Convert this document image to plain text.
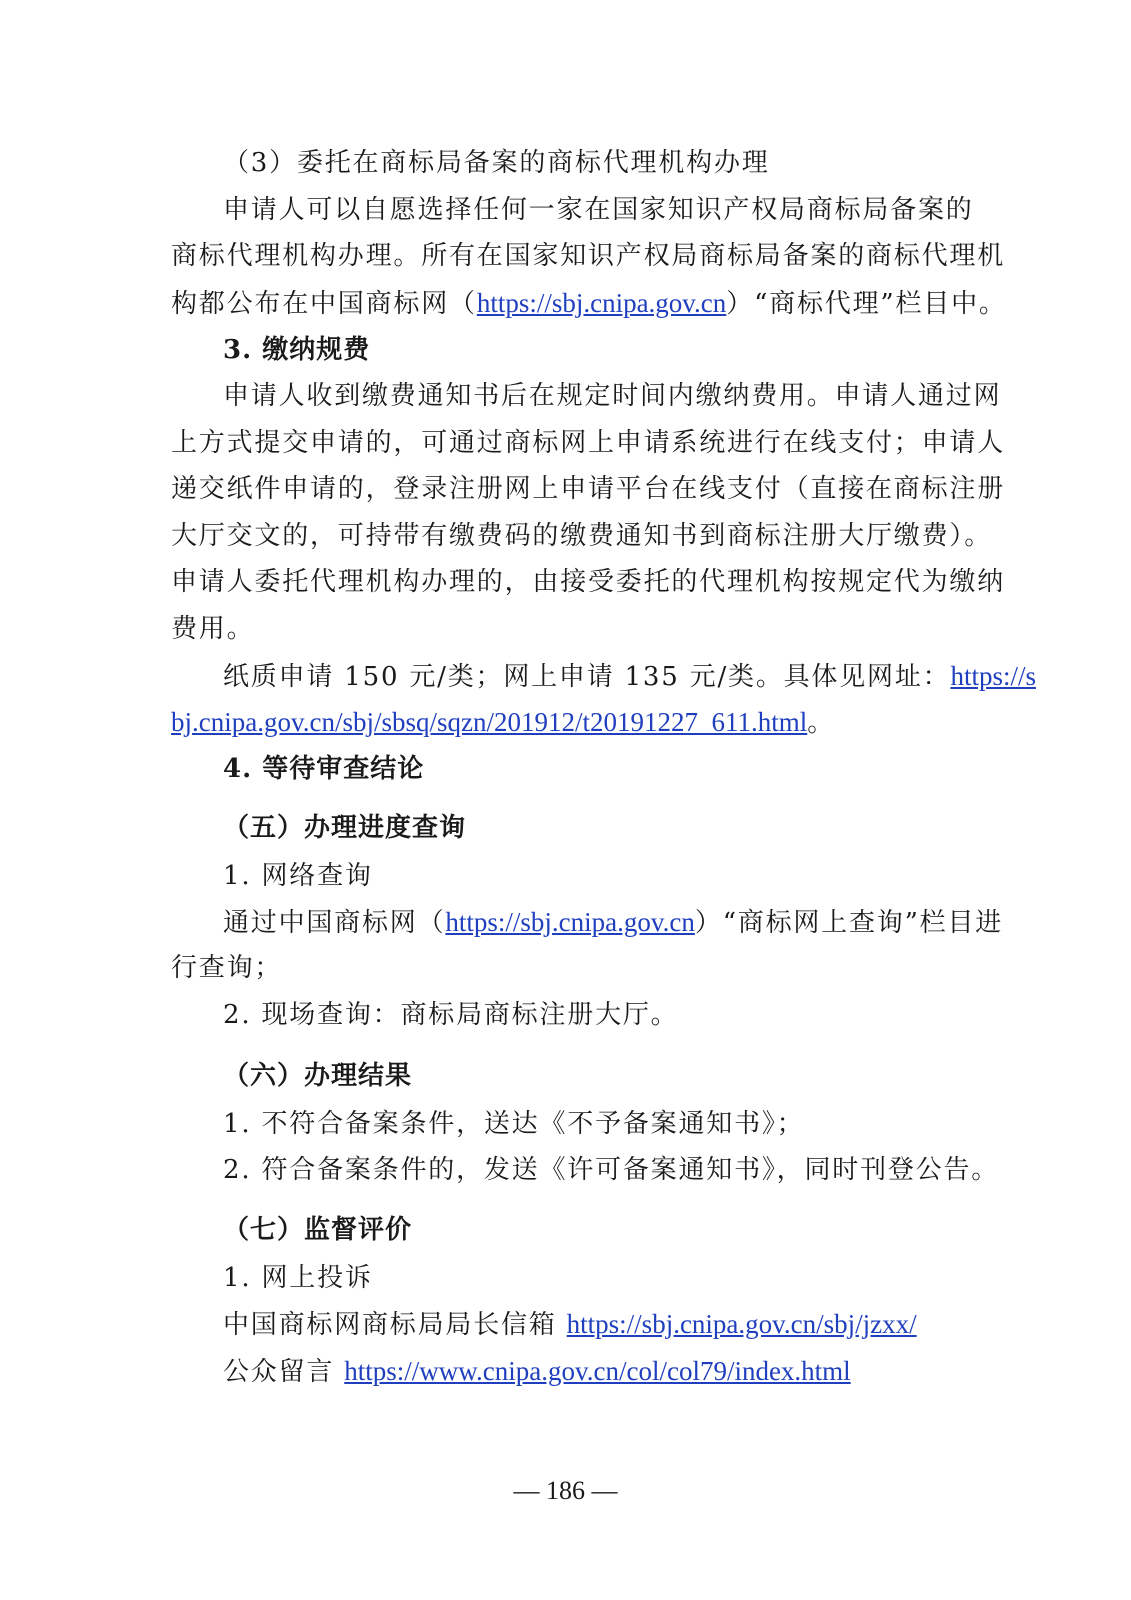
（3）委托在商标局备案的商标代理机构办理
申请人可以自愿选择任何一家在国家知识产权局商标局备案的
商标代理机构办理。所有在国家知识产权局商标局备案的商标代理机
构都公布在中国商标网（https://sbj.cnipa.gov.cn）“商标代理”栏目中。
3. 缴纳规费
申请人收到缴费通知书后在规定时间内缴纳费用。申请人通过网
上方式提交申请的，可通过商标网上申请系统进行在线支付；申请人
递交纸件申请的，登录注册网上申请平台在线支付（直接在商标注册
大厅交文的，可持带有缴费码的缴费通知书到商标注册大厅缴费）。
申请人委托代理机构办理的，由接受委托的代理机构按规定代为缴纳
费用。
纸质申请 150 元/类；网上申请 135 元/类。具体见网址：https://s
bj.cnipa.gov.cn/sbj/sbsq/sqzn/201912/t20191227_611.html。
4. 等待审查结论
（五）办理进度查询
1. 网络查询
通过中国商标网（https://sbj.cnipa.gov.cn）“商标网上查询”栏目进
行查询；
2. 现场查询：商标局商标注册大厅。
（六）办理结果
1. 不符合备案条件，送达《不予备案通知书》；
2. 符合备案条件的，发送《许可备案通知书》，同时刊登公告。
（七）监督评价
1. 网上投诉
中国商标网商标局局长信箱 https://sbj.cnipa.gov.cn/sbj/jzxx/
公众留言 https://www.cnipa.gov.cn/col/col79/index.html
— 186 —
